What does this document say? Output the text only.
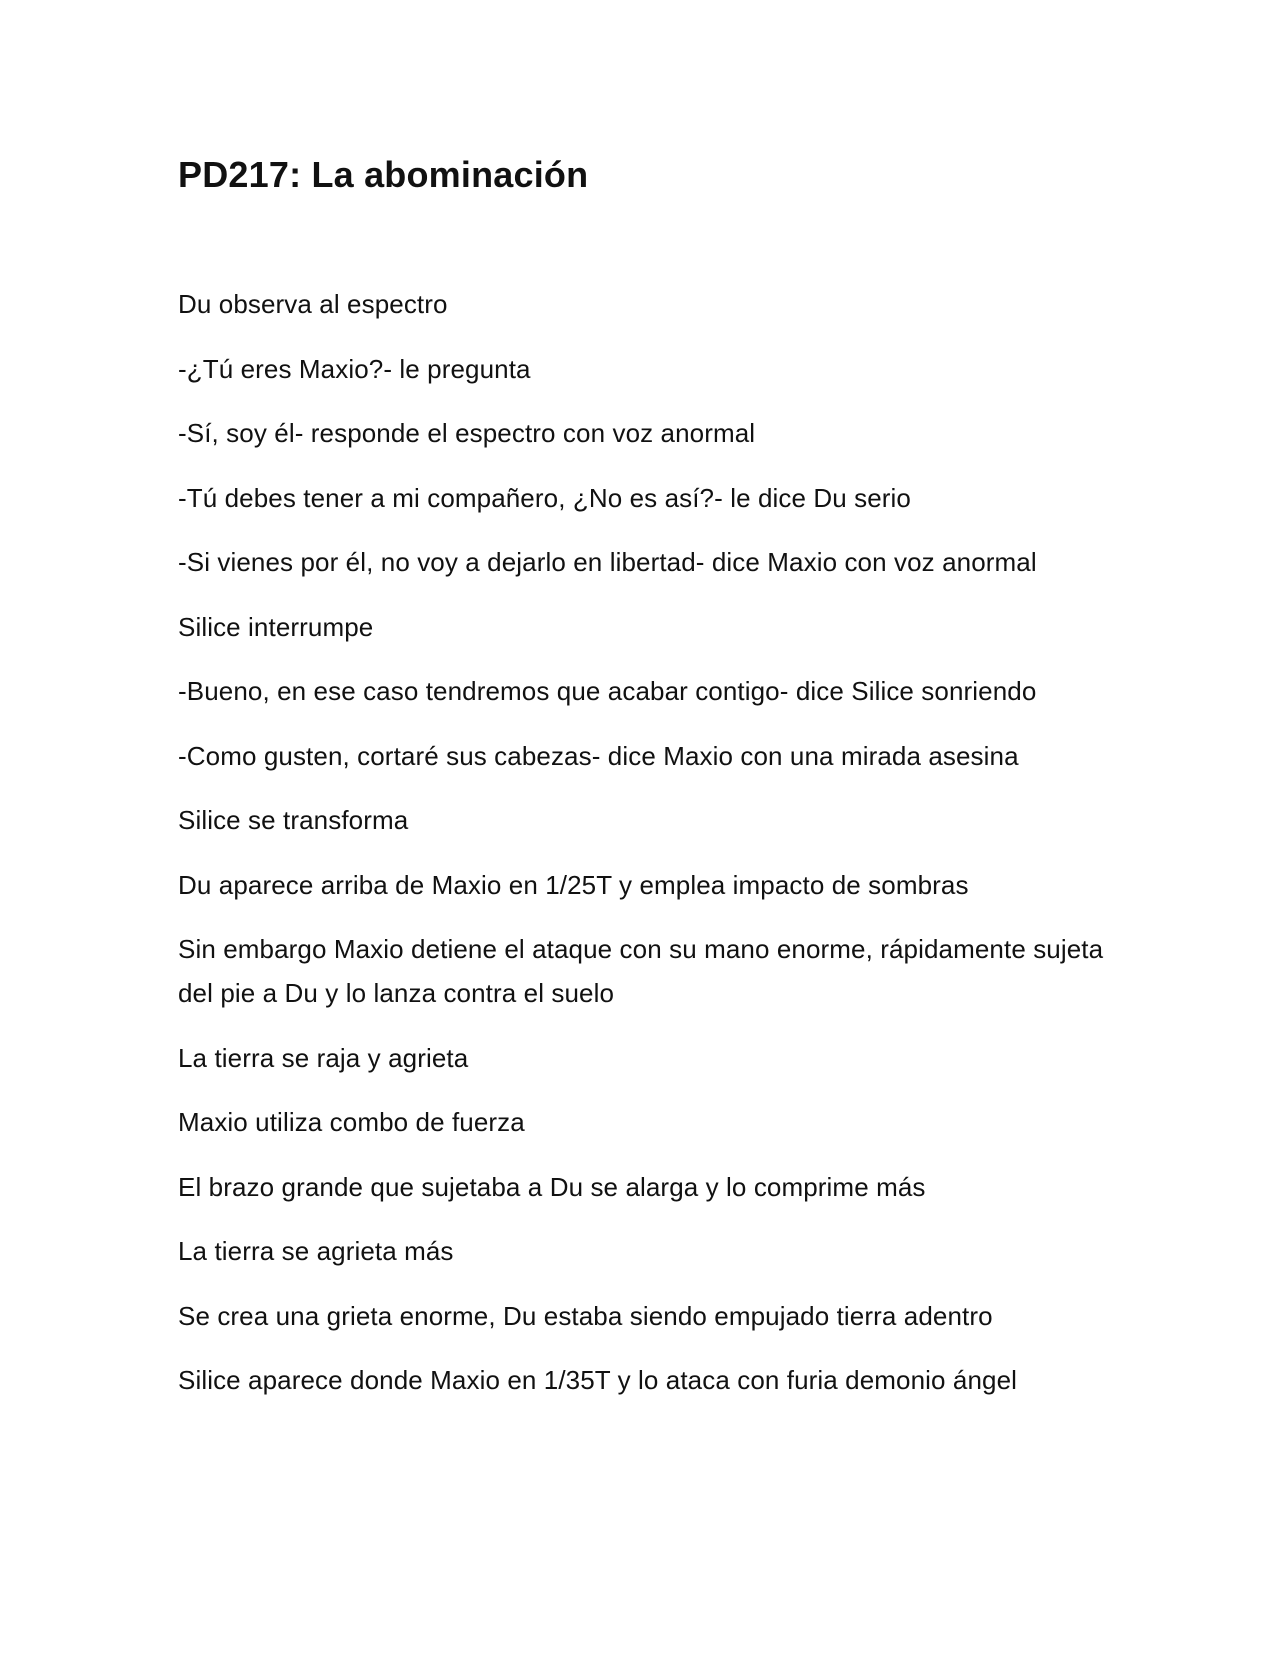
PD217: La abominación

Du observa al espectro

-¿Tú eres Maxio?- le pregunta

-Sí, soy él- responde el espectro con voz anormal

-Tú debes tener a mi compañero, ¿No es así?- le dice Du serio

-Si vienes por él, no voy a dejarlo en libertad- dice Maxio con voz anormal

Silice interrumpe

-Bueno, en ese caso tendremos que acabar contigo- dice Silice sonriendo

-Como gusten, cortaré sus cabezas- dice Maxio con una mirada asesina

Silice se transforma

Du aparece arriba de Maxio en 1/25T y emplea impacto de sombras

Sin embargo Maxio detiene el ataque con su mano enorme, rápidamente sujeta del pie a Du y lo lanza contra el suelo

La tierra se raja y agrieta

Maxio utiliza combo de fuerza

El brazo grande que sujetaba a Du se alarga y lo comprime más

La tierra se agrieta más

Se crea una grieta enorme, Du estaba siendo empujado tierra adentro

Silice aparece donde Maxio en 1/35T y lo ataca con furia demonio ángel
